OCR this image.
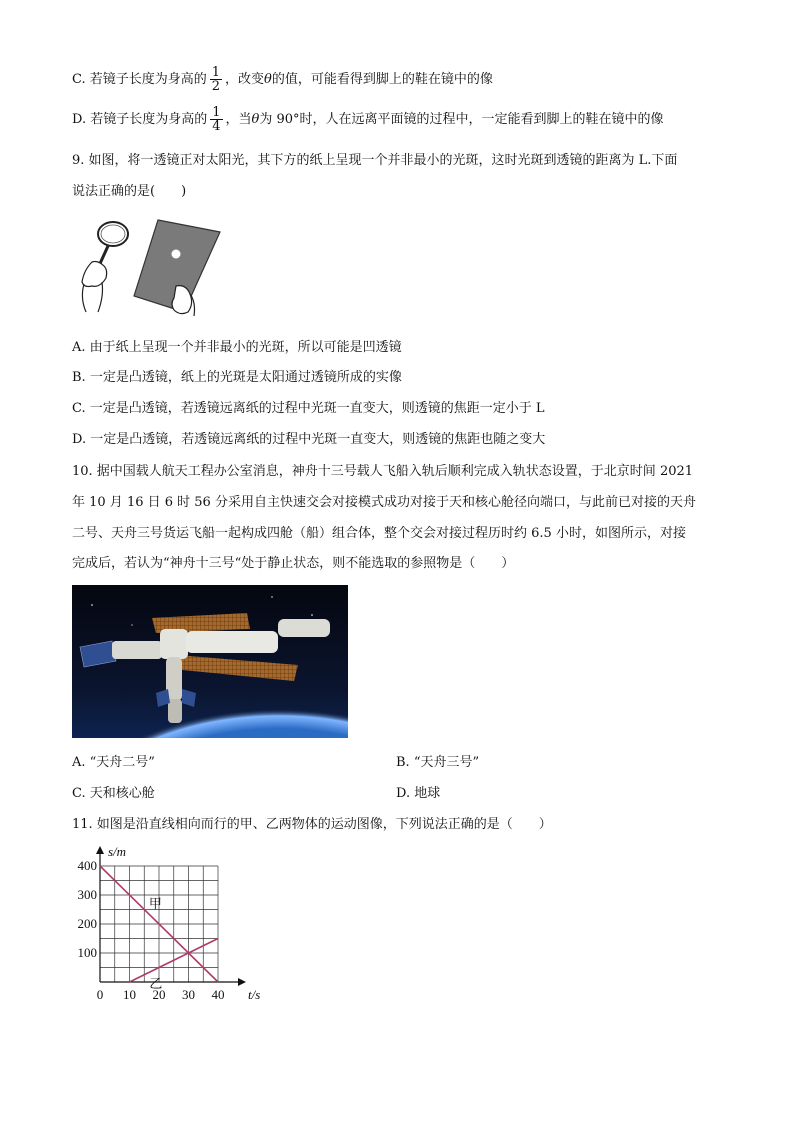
C. 若镜子长度为身高的 $\frac{1}{2}$ ，改变θ的值，可能看得到脚上的鞋在镜中的像
D. 若镜子长度为身高的 $\frac{1}{4}$ ，当θ为 90°时，人在远离平面镜的过程中，一定能看到脚上的鞋在镜中的像
9. 如图，将一透镜正对太阳光，其下方的纸上呈现一个并非最小的光斑，这时光斑到透镜的距离为 L.下面
说法正确的是(　　)
A. 由于纸上呈现一个并非最小的光斑，所以可能是凹透镜
B. 一定是凸透镜，纸上的光斑是太阳通过透镜所成的实像
C. 一定是凸透镜，若透镜远离纸的过程中光斑一直变大，则透镜的焦距一定小于 L
D. 一定是凸透镜，若透镜远离纸的过程中光斑一直变大，则透镜的焦距也随之变大
10. 据中国载人航天工程办公室消息，神舟十三号载人飞船入轨后顺利完成入轨状态设置，于北京时间 2021
年 10 月 16 日 6 时 56 分采用自主快速交会对接模式成功对接于天和核心舱径向端口，与此前已对接的天舟
二号、天舟三号货运飞船一起构成四舱（船）组合体，整个交会对接过程历时约 6.5 小时，如图所示，对接
完成后，若认为“神舟十三号“处于静止状态，则不能选取的参照物是（　　）
A. “天舟二号”	B. “天舟三号”
C. 天和核心舱	D. 地球
11. 如图是沿直线相向而行的甲、乙两物体的运动图像，下列说法正确的是（　　）
甲
乙
0 10 20 30 40
100
200
300
400
t/s
s/m
